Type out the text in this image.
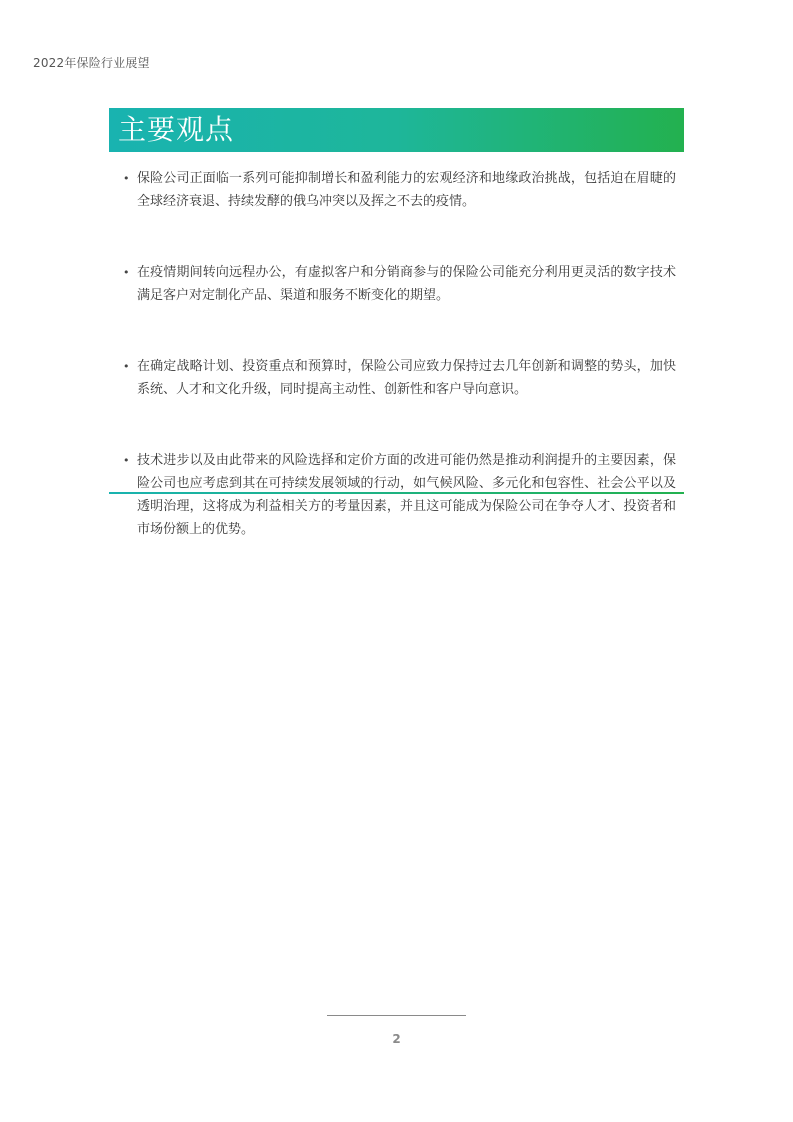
2022年保险行业展望
主要观点
• 保险公司正面临一系列可能抑制增长和盈利能力的宏观经济和地缘政治挑战，包括迫在眉睫的全球经济衰退、持续发酵的俄乌冲突以及挥之不去的疫情。
• 在疫情期间转向远程办公，有虚拟客户和分销商参与的保险公司能充分利用更灵活的数字技术满足客户对定制化产品、渠道和服务不断变化的期望。
• 在确定战略计划、投资重点和预算时，保险公司应致力保持过去几年创新和调整的势头，加快系统、人才和文化升级，同时提高主动性、创新性和客户导向意识。
• 技术进步以及由此带来的风险选择和定价方面的改进可能仍然是推动利润提升的主要因素，保险公司也应考虑到其在可持续发展领域的行动，如气候风险、多元化和包容性、社会公平以及透明治理，这将成为利益相关方的考量因素，并且这可能成为保险公司在争夺人才、投资者和市场份额上的优势。
2
